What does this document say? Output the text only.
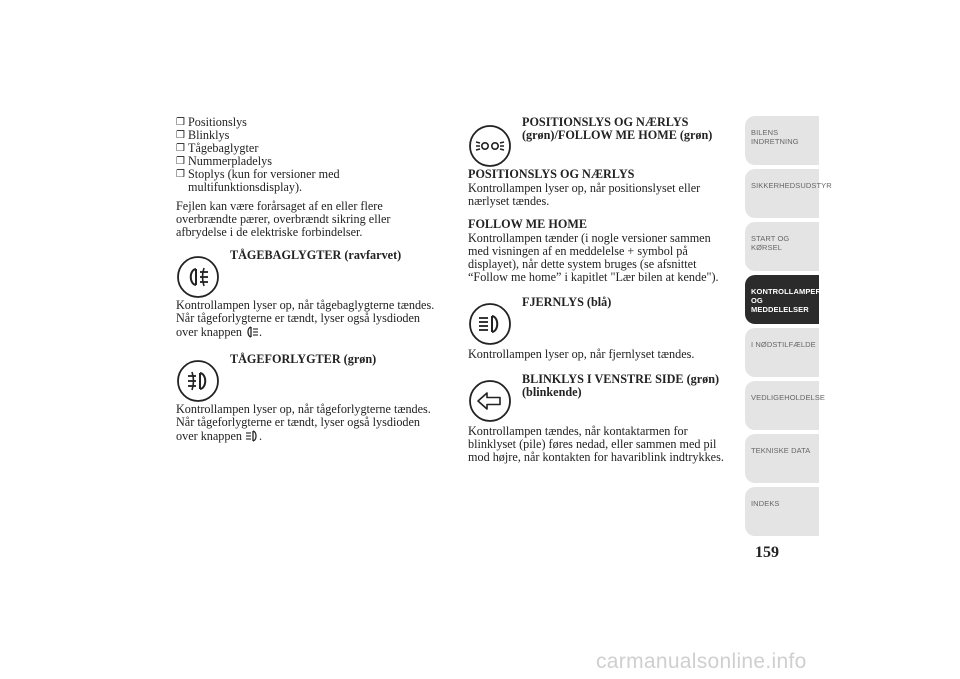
❒ Positionslys

❒ Blinklys

❒ Tågebaglygter

❒ Nummerpladelys

❒ Stoplys (kun for versioner med
multifunktionsdisplay).

Fejlen kan være forårsaget af en eller flere overbrændte pærer, overbrændt sikring eller afbrydelse i de elektriske forbindelser.

TÅGEBAGLYGTER (ravfarvet)

Kontrollampen lyser op, når tågebaglygterne tændes. Når tågeforlygterne er tændt, lyser også lysdioden over knappen .

TÅGEFORLYGTER (grøn)

Kontrollampen lyser op, når tågeforlygterne tændes. Når tågeforlygterne er tændt, lyser også lysdioden over knappen .

POSITIONSLYS OG NÆRLYS (grøn)/FOLLOW ME HOME (grøn)

POSITIONSLYS OG NÆRLYS

Kontrollampen lyser op, når positionslyset eller nærlyset tændes.

FOLLOW ME HOME

Kontrollampen tænder (i nogle versioner sammen med visningen af en meddelelse + symbol på displayet), når dette system bruges (se afsnittet “Follow me home” i kapitlet "Lær bilen at kende").

FJERNLYS (blå)

Kontrollampen lyser op, når fjernlyset tændes.

BLINKLYS I VENSTRE SIDE (grøn) (blinkende)

Kontrollampen tændes, når kontaktarmen for blinklyset (pile) føres nedad, eller sammen med pil mod højre, når kontakten for havariblink indtrykkes.

BILENS INDRETNING
SIKKERHEDSUDSTYR
START OG KØRSEL
KONTROLLAMPER OG MEDDELELSER
I NØDSTILFÆLDE
VEDLIGEHOLDELSE
TEKNISKE DATA
INDEKS
159
carmanualsonline.info
